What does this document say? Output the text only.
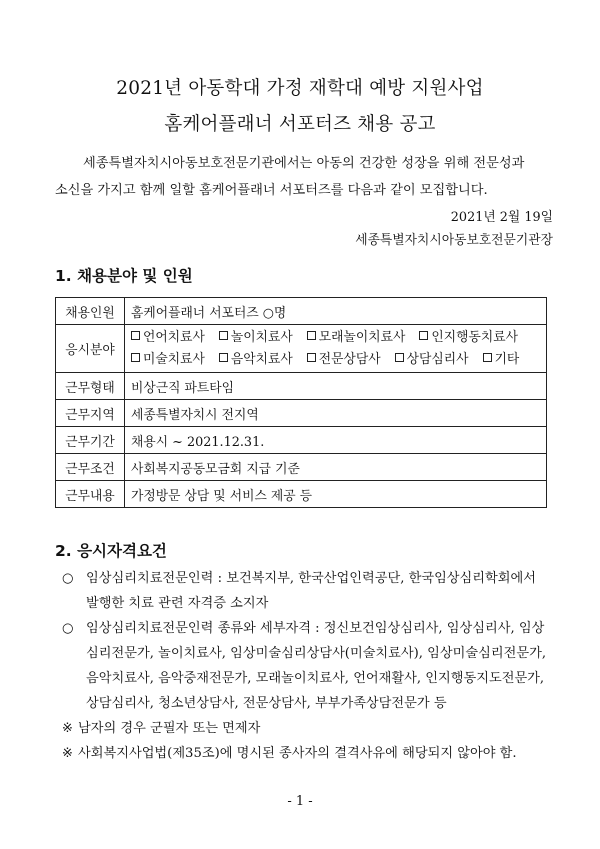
2021년 아동학대 가정 재학대 예방 지원사업
홈케어플래너 서포터즈 채용 공고
세종특별자치시아동보호전문기관에서는 아동의 건강한 성장을 위해 전문성과
소신을 가지고 함께 일할 홈케어플래너 서포터즈를 다음과 같이 모집합니다.
2021년 2월 19일
세종특별자치시아동보호전문기관장
1. 채용분야 및 인원
채용인원	홈케어플래너 서포터즈 ○명
응시분야	언어치료사 놀이치료사 모래놀이치료사 인지행동치료사
미술치료사 음악치료사 전문상담사 상담심리사 기타

근무형태	비상근직 파트타임
근무지역	세종특별자치시 전지역
근무기간	채용시 ~ 2021.12.31.
근무조건	사회복지공동모금회 지급 기준
근무내용	가정방문 상담 및 서비스 제공 등
2. 응시자격요건
○ 임상심리치료전문인력 : 보건복지부, 한국산업인력공단, 한국임상심리학회에서 발행한 치료 관련 자격증 소지자
○ 임상심리치료전문인력 종류와 세부자격 : 정신보건임상심리사, 임상심리사, 임상심리전문가, 놀이치료사, 임상미술심리상담사(미술치료사), 임상미술심리전문가, 음악치료사, 음악중재전문가, 모래놀이치료사, 언어재활사, 인지행동지도전문가, 상담심리사, 청소년상담사, 전문상담사, 부부가족상담전문가 등
※ 남자의 경우 군필자 또는 면제자
※ 사회복지사업법(제35조)에 명시된 종사자의 결격사유에 해당되지 않아야 함.
- 1 -
